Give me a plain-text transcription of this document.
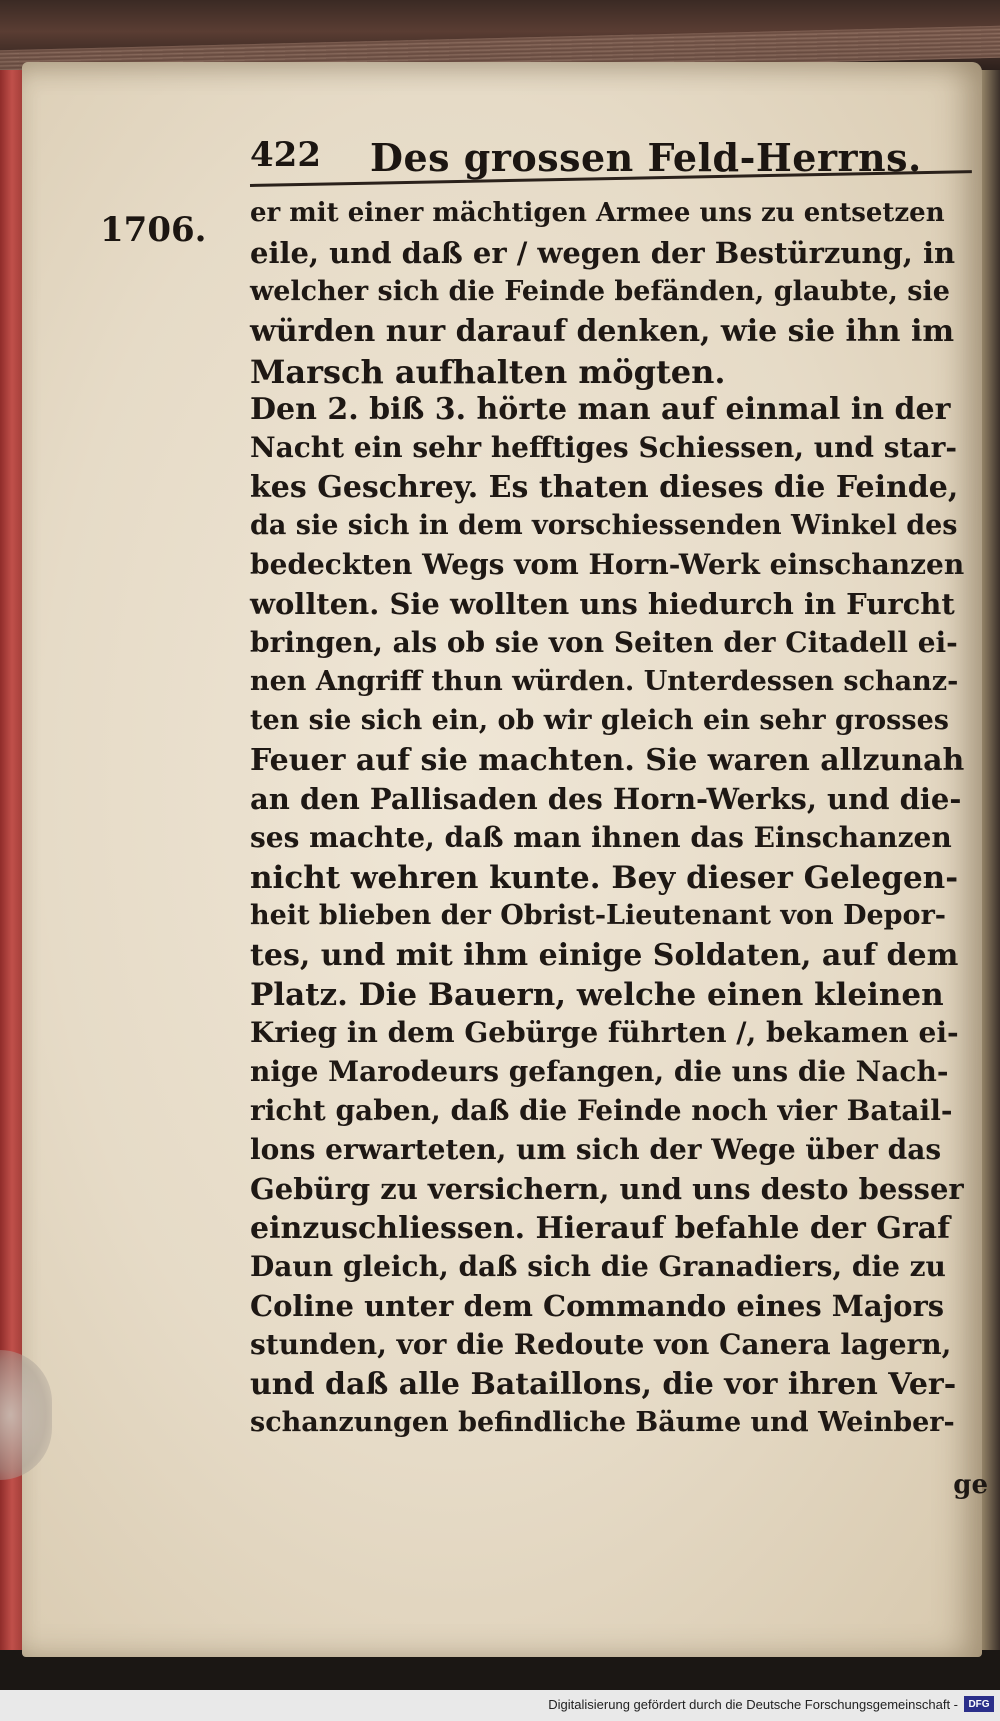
422 Des grossen Feld-Herrns.
1706. er mit einer mächtigen Armee uns zu entsetzen
eile, und daß er / wegen der Bestürzung, in
welcher sich die Feinde befänden, glaubte, sie
würden nur darauf denken, wie sie ihn im
Marsch aufhalten mögten.
Den 2. biß 3. hörte man auf einmal in der
Nacht ein sehr hefftiges Schiessen, und star-
kes Geschrey. Es thaten dieses die Feinde,
da sie sich in dem vorschiessenden Winkel des
bedeckten Wegs vom Horn-Werk einschanzen
wollten. Sie wollten uns hiedurch in Furcht
bringen, als ob sie von Seiten der Citadell ei-
nen Angriff thun würden. Unterdessen schanz-
ten sie sich ein, ob wir gleich ein sehr grosses
Feuer auf sie machten. Sie waren allzunah
an den Pallisaden des Horn-Werks, und die-
ses machte, daß man ihnen das Einschanzen
nicht wehren kunte. Bey dieser Gelegen-
heit blieben der Obrist-Lieutenant von Depor-
tes, und mit ihm einige Soldaten, auf dem
Platz. Die Bauern, welche einen kleinen
Krieg in dem Gebürge führten /, bekamen ei-
nige Marodeurs gefangen, die uns die Nach-
richt gaben, daß die Feinde noch vier Batail-
lons erwarteten, um sich der Wege über das
Gebürg zu versichern, und uns desto besser
einzuschliessen. Hierauf befahle der Graf
Daun gleich, daß sich die Granadiers, die zu
Coline unter dem Commando eines Majors
stunden, vor die Redoute von Canera lagern,
und daß alle Bataillons, die vor ihren Ver-
schanzungen befindliche Bäume und Weinber-
ge
Digitalisierung gefördert durch die Deutsche Forschungsgemeinschaft -	DFG
